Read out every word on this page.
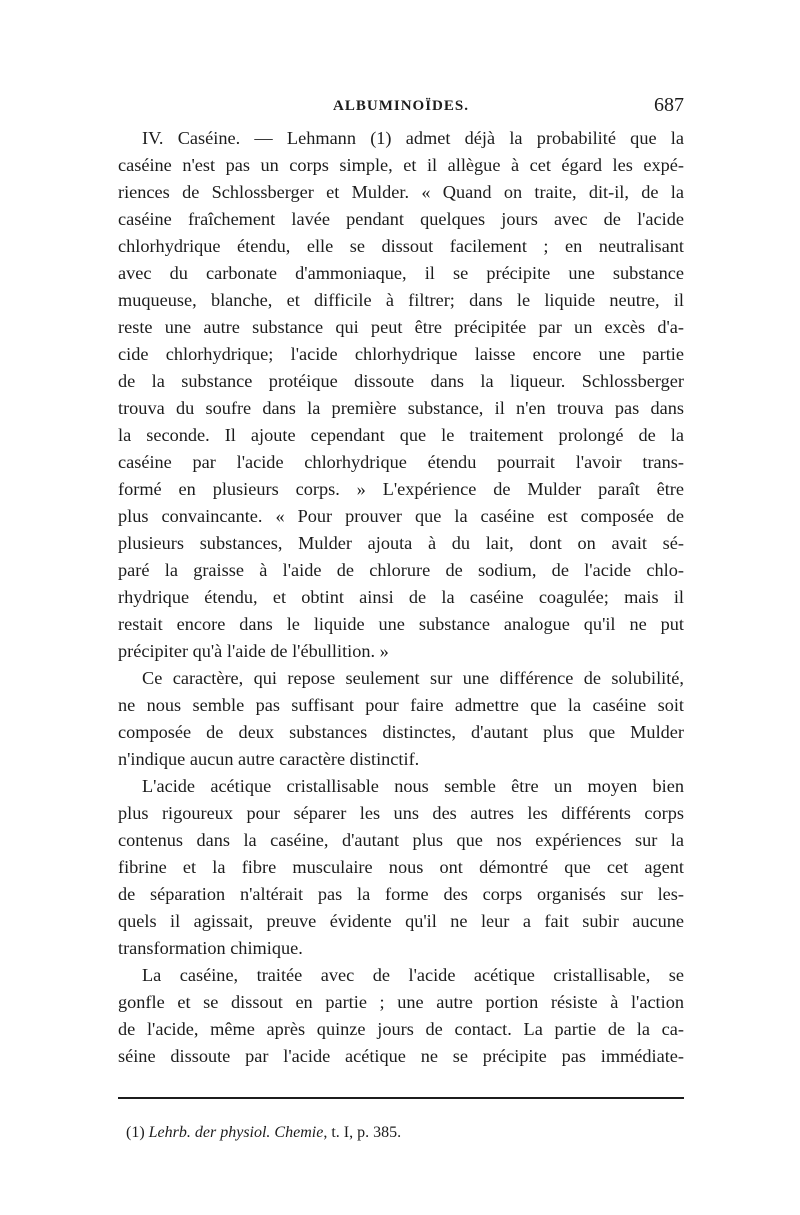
ALBUMINOÏDES.	687
IV. Caséine. — Lehmann (1) admet déjà la probabilité que la
caséine n'est pas un corps simple, et il allègue à cet égard les expé-
riences de Schlossberger et Mulder. « Quand on traite, dit-il, de la
caséine fraîchement lavée pendant quelques jours avec de l'acide
chlorhydrique étendu, elle se dissout facilement ; en neutralisant
avec du carbonate d'ammoniaque, il se précipite une substance
muqueuse, blanche, et difficile à filtrer; dans le liquide neutre, il
reste une autre substance qui peut être précipitée par un excès d'a-
cide chlorhydrique; l'acide chlorhydrique laisse encore une partie
de la substance protéique dissoute dans la liqueur. Schlossberger
trouva du soufre dans la première substance, il n'en trouva pas dans
la seconde. Il ajoute cependant que le traitement prolongé de la
caséine par l'acide chlorhydrique étendu pourrait l'avoir trans-
formé en plusieurs corps. » L'expérience de Mulder paraît être
plus convaincante. « Pour prouver que la caséine est composée de
plusieurs substances, Mulder ajouta à du lait, dont on avait sé-
paré la graisse à l'aide de chlorure de sodium, de l'acide chlo-
rhydrique étendu, et obtint ainsi de la caséine coagulée; mais il
restait encore dans le liquide une substance analogue qu'il ne put
précipiter qu'à l'aide de l'ébullition. »
Ce caractère, qui repose seulement sur une différence de solubilité,
ne nous semble pas suffisant pour faire admettre que la caséine soit
composée de deux substances distinctes, d'autant plus que Mulder
n'indique aucun autre caractère distinctif.
L'acide acétique cristallisable nous semble être un moyen bien
plus rigoureux pour séparer les uns des autres les différents corps
contenus dans la caséine, d'autant plus que nos expériences sur la
fibrine et la fibre musculaire nous ont démontré que cet agent
de séparation n'altérait pas la forme des corps organisés sur les-
quels il agissait, preuve évidente qu'il ne leur a fait subir aucune
transformation chimique.
La caséine, traitée avec de l'acide acétique cristallisable, se
gonfle et se dissout en partie ; une autre portion résiste à l'action
de l'acide, même après quinze jours de contact. La partie de la ca-
séine dissoute par l'acide acétique ne se précipite pas immédiate-
(1) Lehrb. der physiol. Chemie, t. I, p. 385.
